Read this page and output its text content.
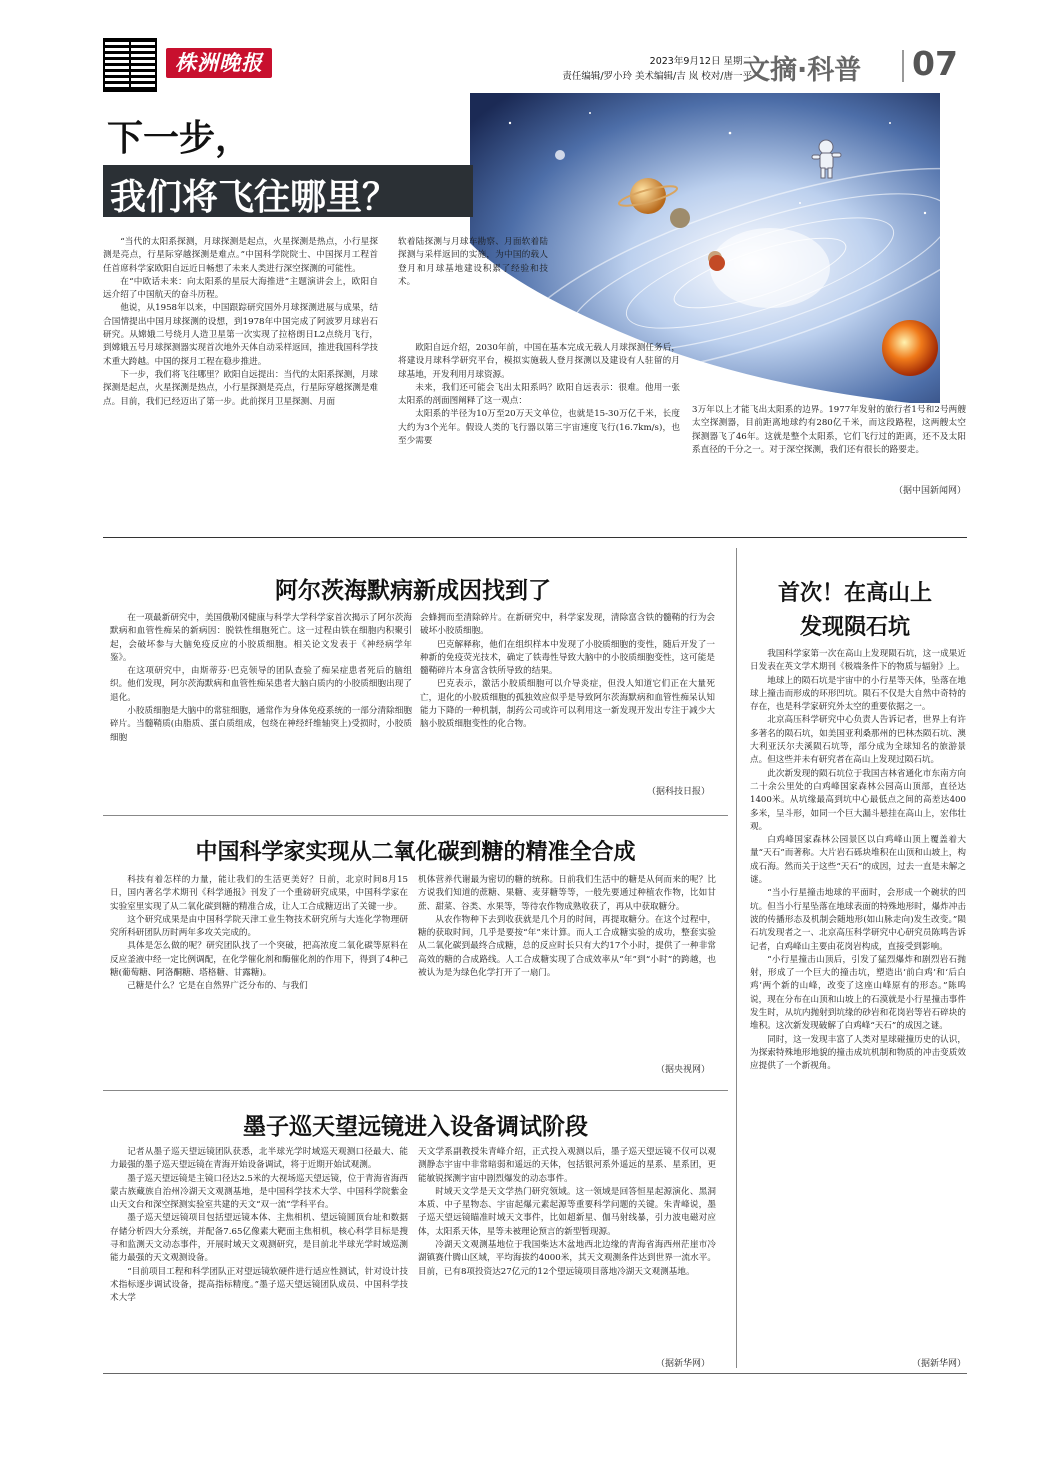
株洲晚报	2023年9月12日 星期二
责任编辑/罗小玲 美术编辑/吉 岚 校对/唐一平
文摘·科普	07
下一步，
我们将飞往哪里？

“当代的太阳系探测，月球探测是起点，火星探测是热点，小行星探测是亮点，行星际穿越探测是难点。”中国科学院院士、中国探月工程首任首席科学家欧阳自远近日畅想了未来人类进行深空探测的可能性。

在“中欧话未来：向太阳系的星辰大海推进”主题演讲会上，欧阳自远介绍了中国航天的奋斗历程。

他说，从1958年以来，中国跟踪研究国外月球探测进展与成果，结合国情提出中国月球探测的设想，到1978年中国完成了阿波罗月球岩石研究。从嫦娥二号绕月人造卫星第一次实现了拉格朗日L2点绕月飞行，到嫦娥五号月球探测器实现首次地外天体自动采样返回，推进我国科学技术重大跨越。中国的探月工程在稳步推进。

下一步，我们将飞往哪里？欧阳自远提出：当代的太阳系探测，月球探测是起点，火星探测是热点，小行星探测是亮点，行星际穿越探测是难点。目前，我们已经迈出了第一步。此前探月卫星探测、月面

软着陆探测与月球车勘察、月面软着陆探测与采样返回的实施，为中国的载人登月和月球基地建设积累了经验和技术。

欧阳自远介绍，2030年前，中国在基本完成无载人月球探测任务后，将建设月球科学研究平台，模拟实施载人登月探测以及建设有人驻留的月球基地，开发利用月球资源。

未来，我们还可能会飞出太阳系吗？欧阳自远表示：很难。他用一张太阳系的剖面图阐释了这一观点：

太阳系的半径为10万至20万天文单位，也就是15-30万亿千米，长度大约为3个光年。假设人类的飞行器以第三宇宙速度飞行(16.7km/s)，也至少需要

3万年以上才能飞出太阳系的边界。1977年发射的旅行者1号和2号两艘太空探测器，目前距离地球约有280亿千米，而这段路程，这两艘太空探测器飞了46年。这就是整个太阳系，它们飞行过的距离，还不及太阳系直径的千分之一。对于深空探测，我们还有很长的路要走。

（据中国新闻网）
阿尔茨海默病新成因找到了

在一项最新研究中，美国俄勒冈健康与科学大学科学家首次揭示了阿尔茨海默病和血管性痴呆的新病因：脱铁性细胞死亡。这一过程由铁在细胞内积聚引起，会破坏参与大脑免疫反应的小胶质细胞。相关论文发表于《神经病学年鉴》。

在这项研究中，由斯蒂芬·巴克领导的团队查验了痴呆症患者死后的脑组织。他们发现，阿尔茨海默病和血管性痴呆患者大脑白质内的小胶质细胞出现了退化。

小胶质细胞是大脑中的常驻细胞，通常作为身体免疫系统的一部分清除细胞碎片。当髓鞘质(由脂质、蛋白质组成，包绕在神经纤维轴突上)受损时，小胶质细胞

会蜂拥而至清除碎片。在新研究中，科学家发现，清除富含铁的髓鞘的行为会破坏小胶质细胞。

巴克解释称，他们在组织样本中发现了小胶质细胞的变性，随后开发了一种新的免疫荧光技术，确定了铁毒性导致大脑中的小胶质细胞变性，这可能是髓鞘碎片本身富含铁所导致的结果。

巴克表示，激活小胶质细胞可以介导炎症，但没人知道它们正在大量死亡，退化的小胶质细胞的孤独效应似乎是导致阿尔茨海默病和血管性痴呆认知能力下降的一种机制，制药公司或许可以利用这一新发现开发出专注于减少大脑小胶质细胞变性的化合物。

（据科技日报）
中国科学家实现从二氧化碳到糖的精准全合成

科技有着怎样的力量，能让我们的生活更美好？日前，北京时间8月15日，国内著名学术期刊《科学通报》刊发了一个重磅研究成果，中国科学家在实验室里实现了从二氧化碳到糖的精准合成，让人工合成糖迈出了关键一步。

这个研究成果是由中国科学院天津工业生物技术研究所与大连化学物理研究所科研团队历时两年多攻关完成的。

具体是怎么做的呢？研究团队找了一个突破，把高浓度二氧化碳等原料在反应釜液中经一定比例调配，在化学催化剂和酶催化剂的作用下，得到了4种己糖(葡萄糖、阿洛酮糖、塔格糖、甘露糖)。

己糖是什么？它是在自然界广泛分布的、与我们

机体营养代谢最为密切的糖的统称。日前我们生活中的糖是从何而来的呢？比方说我们知道的蔗糖、果糖、麦芽糖等等，一般先要通过种植农作物，比如甘蔗、甜菜、谷类、水果等，等待农作物成熟收获了，再从中获取糖分。

从农作物种下去到收获就是几个月的时间，再提取糖分。在这个过程中，糖的获取时间，几乎是要按“年”来计算。而人工合成糖实验的成功，整套实验从二氧化碳到最终合成糖，总的反应时长只有大约17个小时，提供了一种非常高效的糖的合成路线。人工合成糖实现了合成效率从“年”到“小时”的跨越，也被认为是为绿色化学打开了一扇门。

（据央视网）
墨子巡天望远镜进入设备调试阶段

记者从墨子巡天望远镜团队获悉，北半球光学时域巡天观测口径最大、能力最强的墨子巡天望远镜在青海开始设备调试，将于近期开始试观测。

墨子巡天望远镜是主镜口径达2.5米的大视场巡天望远镜，位于青海省海西蒙古族藏族自治州冷湖天文观测基地，是中国科学技术大学、中国科学院紫金山天文台和深空探测实验室共建的天文“双一流”学科平台。

墨子巡天望远镜项目包括望远镜本体、主焦相机、望远镜圆顶台址和数据存储分析四大分系统，并配备7.65亿像素大靶面主焦相机，核心科学目标是搜寻和监测天文动态事件，开展时域天文观测研究，是目前北半球光学时域巡测能力最强的天文观测设备。

“目前项目工程和科学团队正对望远镜软硬件进行适应性测试，针对设计技术指标逐步调试设备，提高指标精度。”墨子巡天望远镜团队成员、中国科学技术大学

天文学系副教授朱青峰介绍，正式投入观测以后，墨子巡天望远镜不仅可以观测静态宇宙中非常暗弱和遥远的天体，包括银河系外遥远的星系、星系团，更能敏锐探测宇宙中剧烈爆发的动态事件。

时域天文学是天文学热门研究领域。这一领域是回答恒星起源演化、黑洞本质、中子星物态、宇宙起爆元素起源等重要科学问题的关键。朱青峰说，墨子巡天望远镜瞄准时域天文事件，比如超新星、伽马射线暴，引力波电磁对应体，太阳系天体，星等未被理论预言的新型暂现源。

冷湖天文观测基地位于我国柴达木盆地西北边缘的青海省海西州茫崖市冷湖镇赛什腾山区域，平均海拔约4000米，其天文观测条件达到世界一流水平。目前，已有8项投资达27亿元的12个望远镜项目落地冷湖天文观测基地。

（据新华网）
首次！在高山上
发现陨石坑

我国科学家第一次在高山上发现陨石坑，这一成果近日发表在英文学术期刊《极端条件下的物质与辐射》上。

地球上的陨石坑是宇宙中的小行星等天体，坠落在地球上撞击而形成的环形凹坑。陨石不仅是大自然中奇特的存在，也是科学家研究外太空的重要依据之一。

北京高压科学研究中心负责人告诉记者，世界上有许多著名的陨石坑，如美国亚利桑那州的巴林杰陨石坑、澳大利亚沃尔夫溪陨石坑等，部分成为全球知名的旅游景点。但这些并未有研究者在高山上发现过陨石坑。

此次新发现的陨石坑位于我国吉林省通化市东南方向二十余公里处的白鸡峰国家森林公园高山顶部，直径达1400米。从坑缘最高到坑中心最低点之间的高差达400多米，呈斗形，如同一个巨大漏斗悬挂在高山上，宏伟壮观。

白鸡峰国家森林公园景区以白鸡峰山顶上覆盖着大量“天石”而著称。大片岩石砾块堆积在山顶和山坡上，构成石海。然而关于这些“天石”的成因，过去一直是未解之谜。

“当小行星撞击地球的平面时，会形成一个碗状的凹坑。但当小行星坠落在地球表面的特殊地形时，爆炸冲击波的传播形态及机制会随地形(如山脉走向)发生改变。”陨石坑发现者之一、北京高压科学研究中心研究员陈鸣告诉记者，白鸡峰山主要由花岗岩构成，直接受到影响。

“小行星撞击山顶后，引发了猛烈爆炸和剧烈岩石抛射，形成了一个巨大的撞击坑，塑造出‘前白鸡’和‘后白鸡’两个新的山峰，改变了这座山峰原有的形态。”陈鸣说，现在分布在山顶和山坡上的石漠就是小行星撞击事件发生时，从坑内抛射到坑缘的砂岩和花岗岩等岩石碎块的堆积。这次新发现破解了白鸡峰“天石”的成因之谜。

同时，这一发现丰富了人类对星球碰撞历史的认识，为探索特殊地形地貌的撞击成坑机制和物质的冲击变质效应提供了一个新视角。

（据新华网）
